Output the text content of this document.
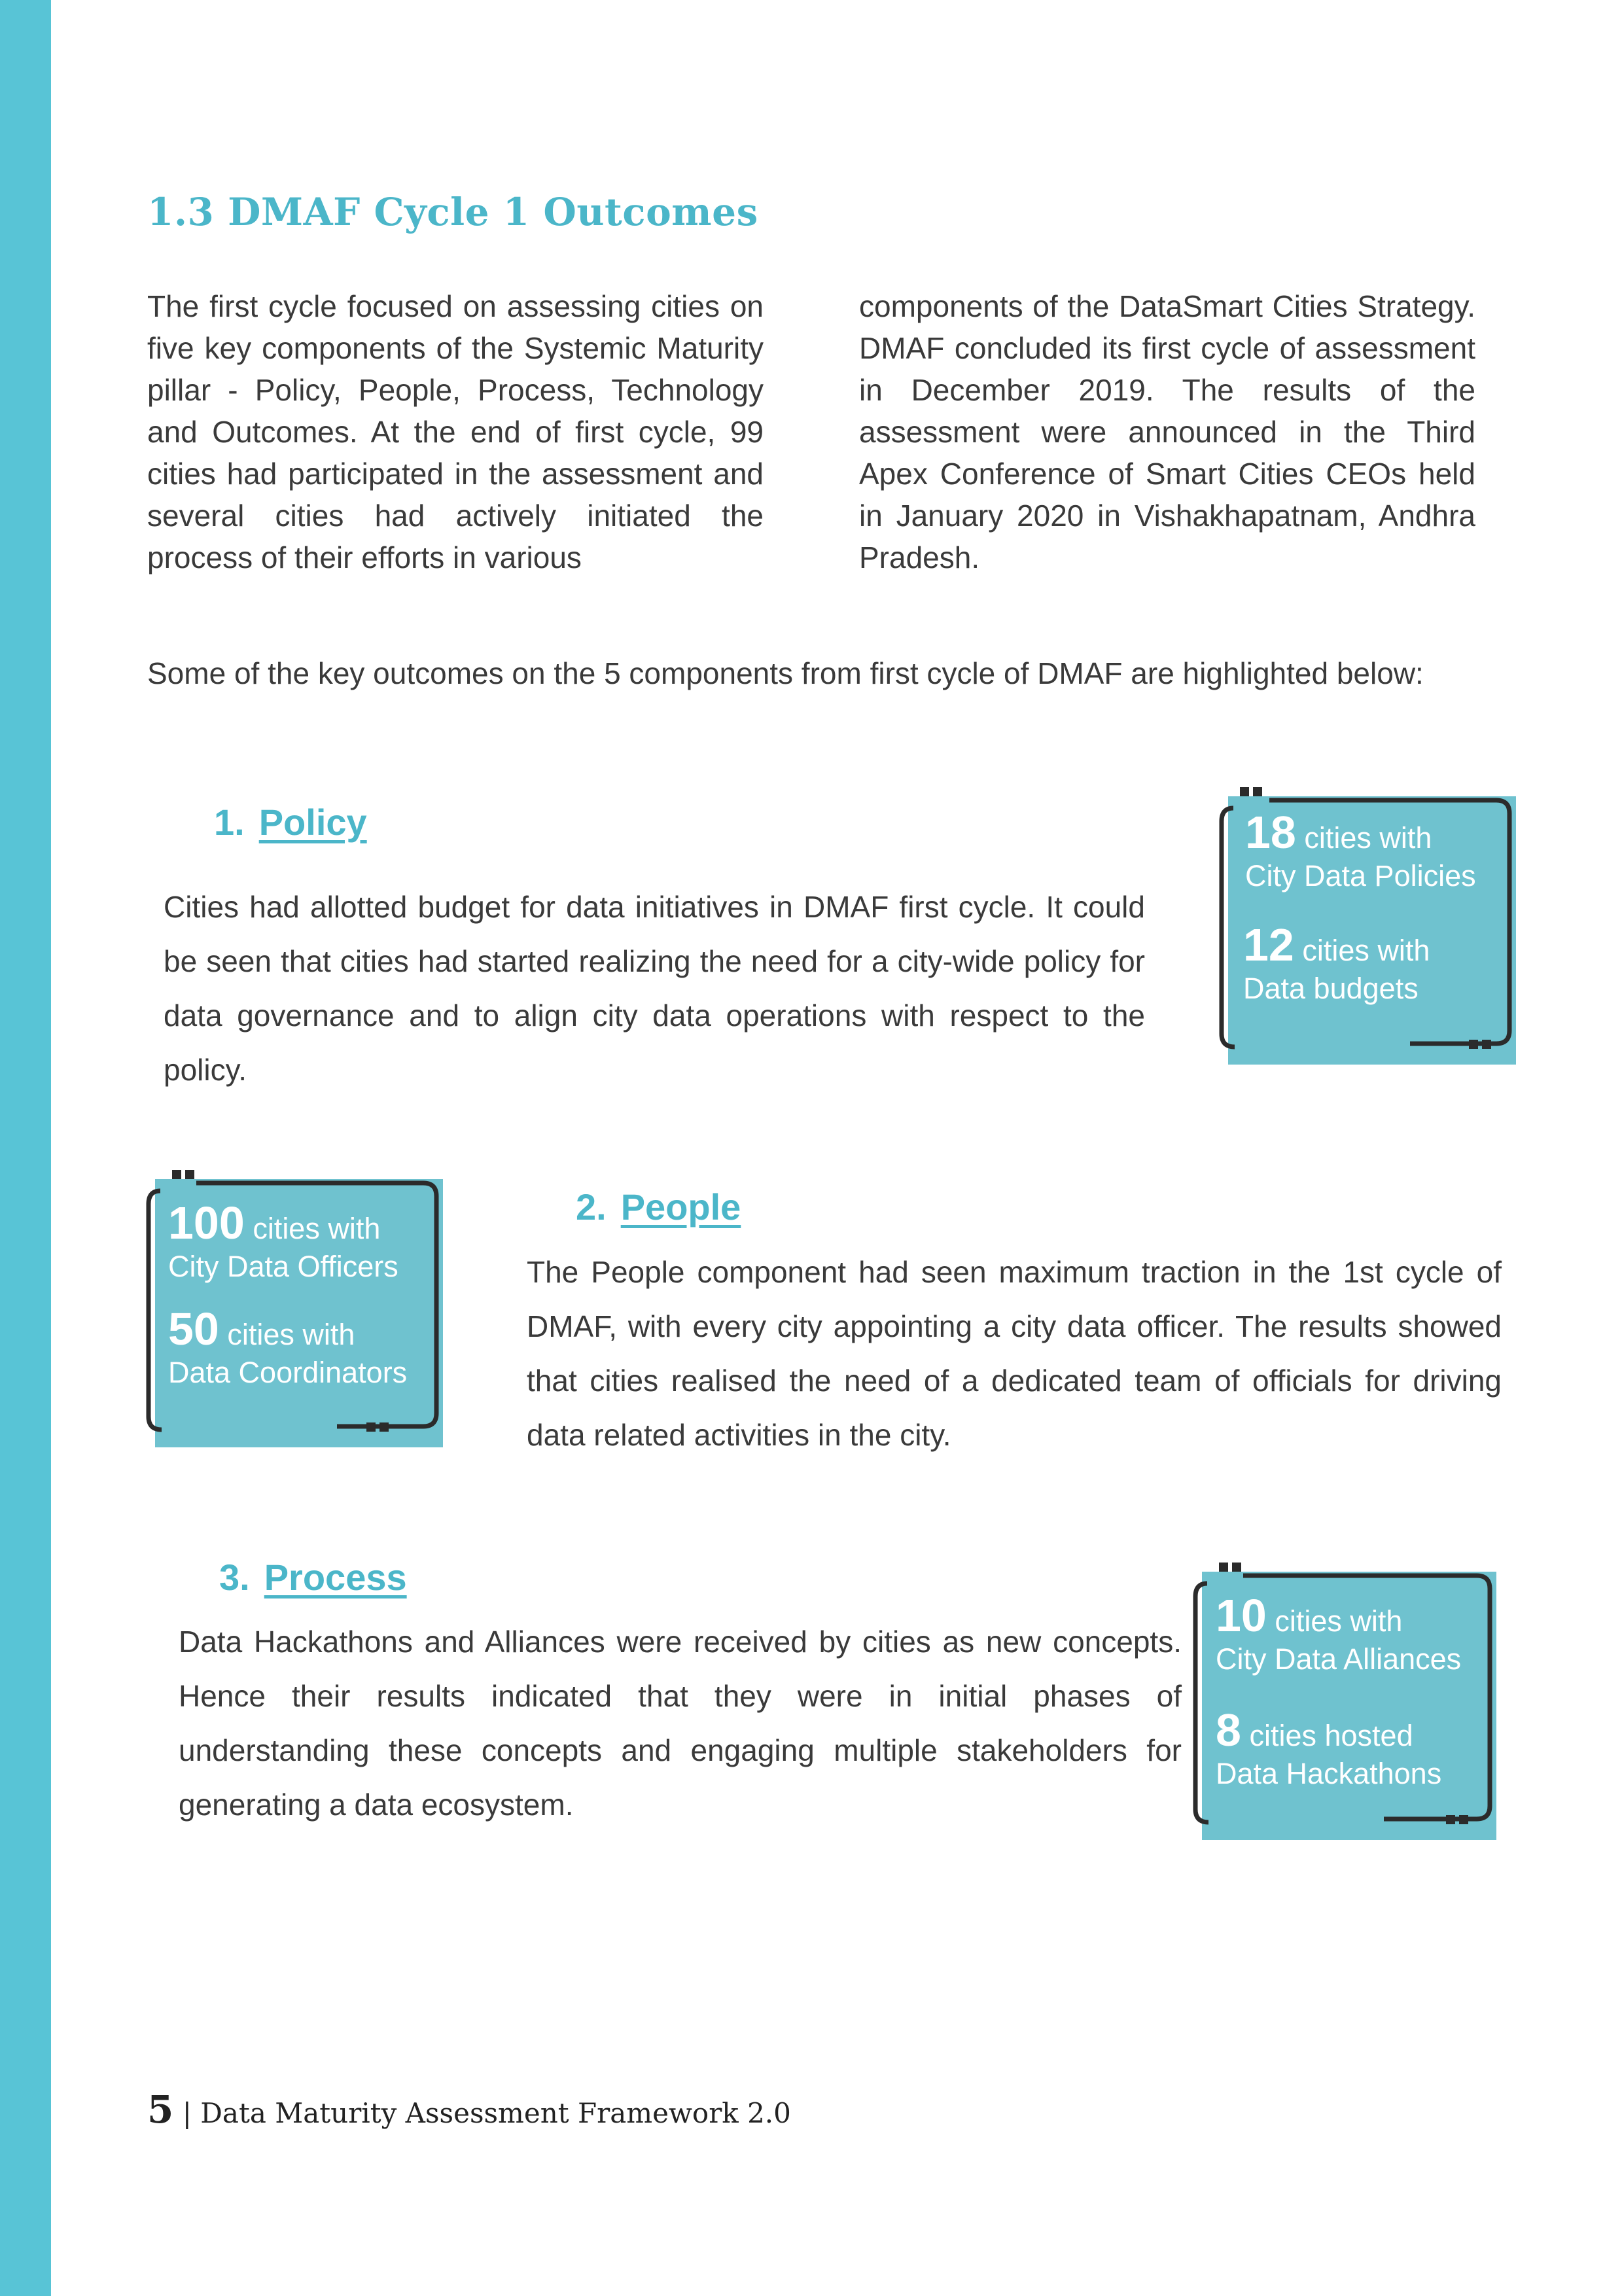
1.3 DMAF Cycle 1 Outcomes

The first cycle focused on assessing cities on five key components of the Systemic Maturity pillar - Policy, People, Process, Technology and Outcomes. At the end of first cycle, 99 cities had participated in the assessment and several cities had actively initiated the process of their efforts in various

components of the DataSmart Cities Strategy. DMAF concluded its first cycle of assessment in December 2019. The results of the assessment were announced in the Third Apex Conference of Smart Cities CEOs held in January 2020 in Vishakhapatnam, Andhra Pradesh.

Some of the key outcomes on the 5 components from first cycle of DMAF are highlighted below:

1. Policy

Cities had allotted budget for data initiatives in DMAF first cycle. It could be seen that cities had started realizing the need for a city-wide policy for data governance and to align city data operations with respect to the policy.

18 cities with
City Data Policies
12 cities with
Data budgets
100 cities with
City Data Officers
50 cities with
Data Coordinators
2. People

The People component had seen maximum traction in the 1st cycle of DMAF, with every city appointing a city data officer. The results showed that cities realised the need of a dedicated team of officials for driving data related activities in the city.

3. Process

Data Hackathons and Alliances were received by cities as new concepts. Hence their results indicated that they were in initial phases of understanding these concepts and engaging multiple stakeholders for generating a data ecosystem.

10 cities with
City Data Alliances
8 cities hosted
Data Hackathons

5 | Data Maturity Assessment Framework 2.0
